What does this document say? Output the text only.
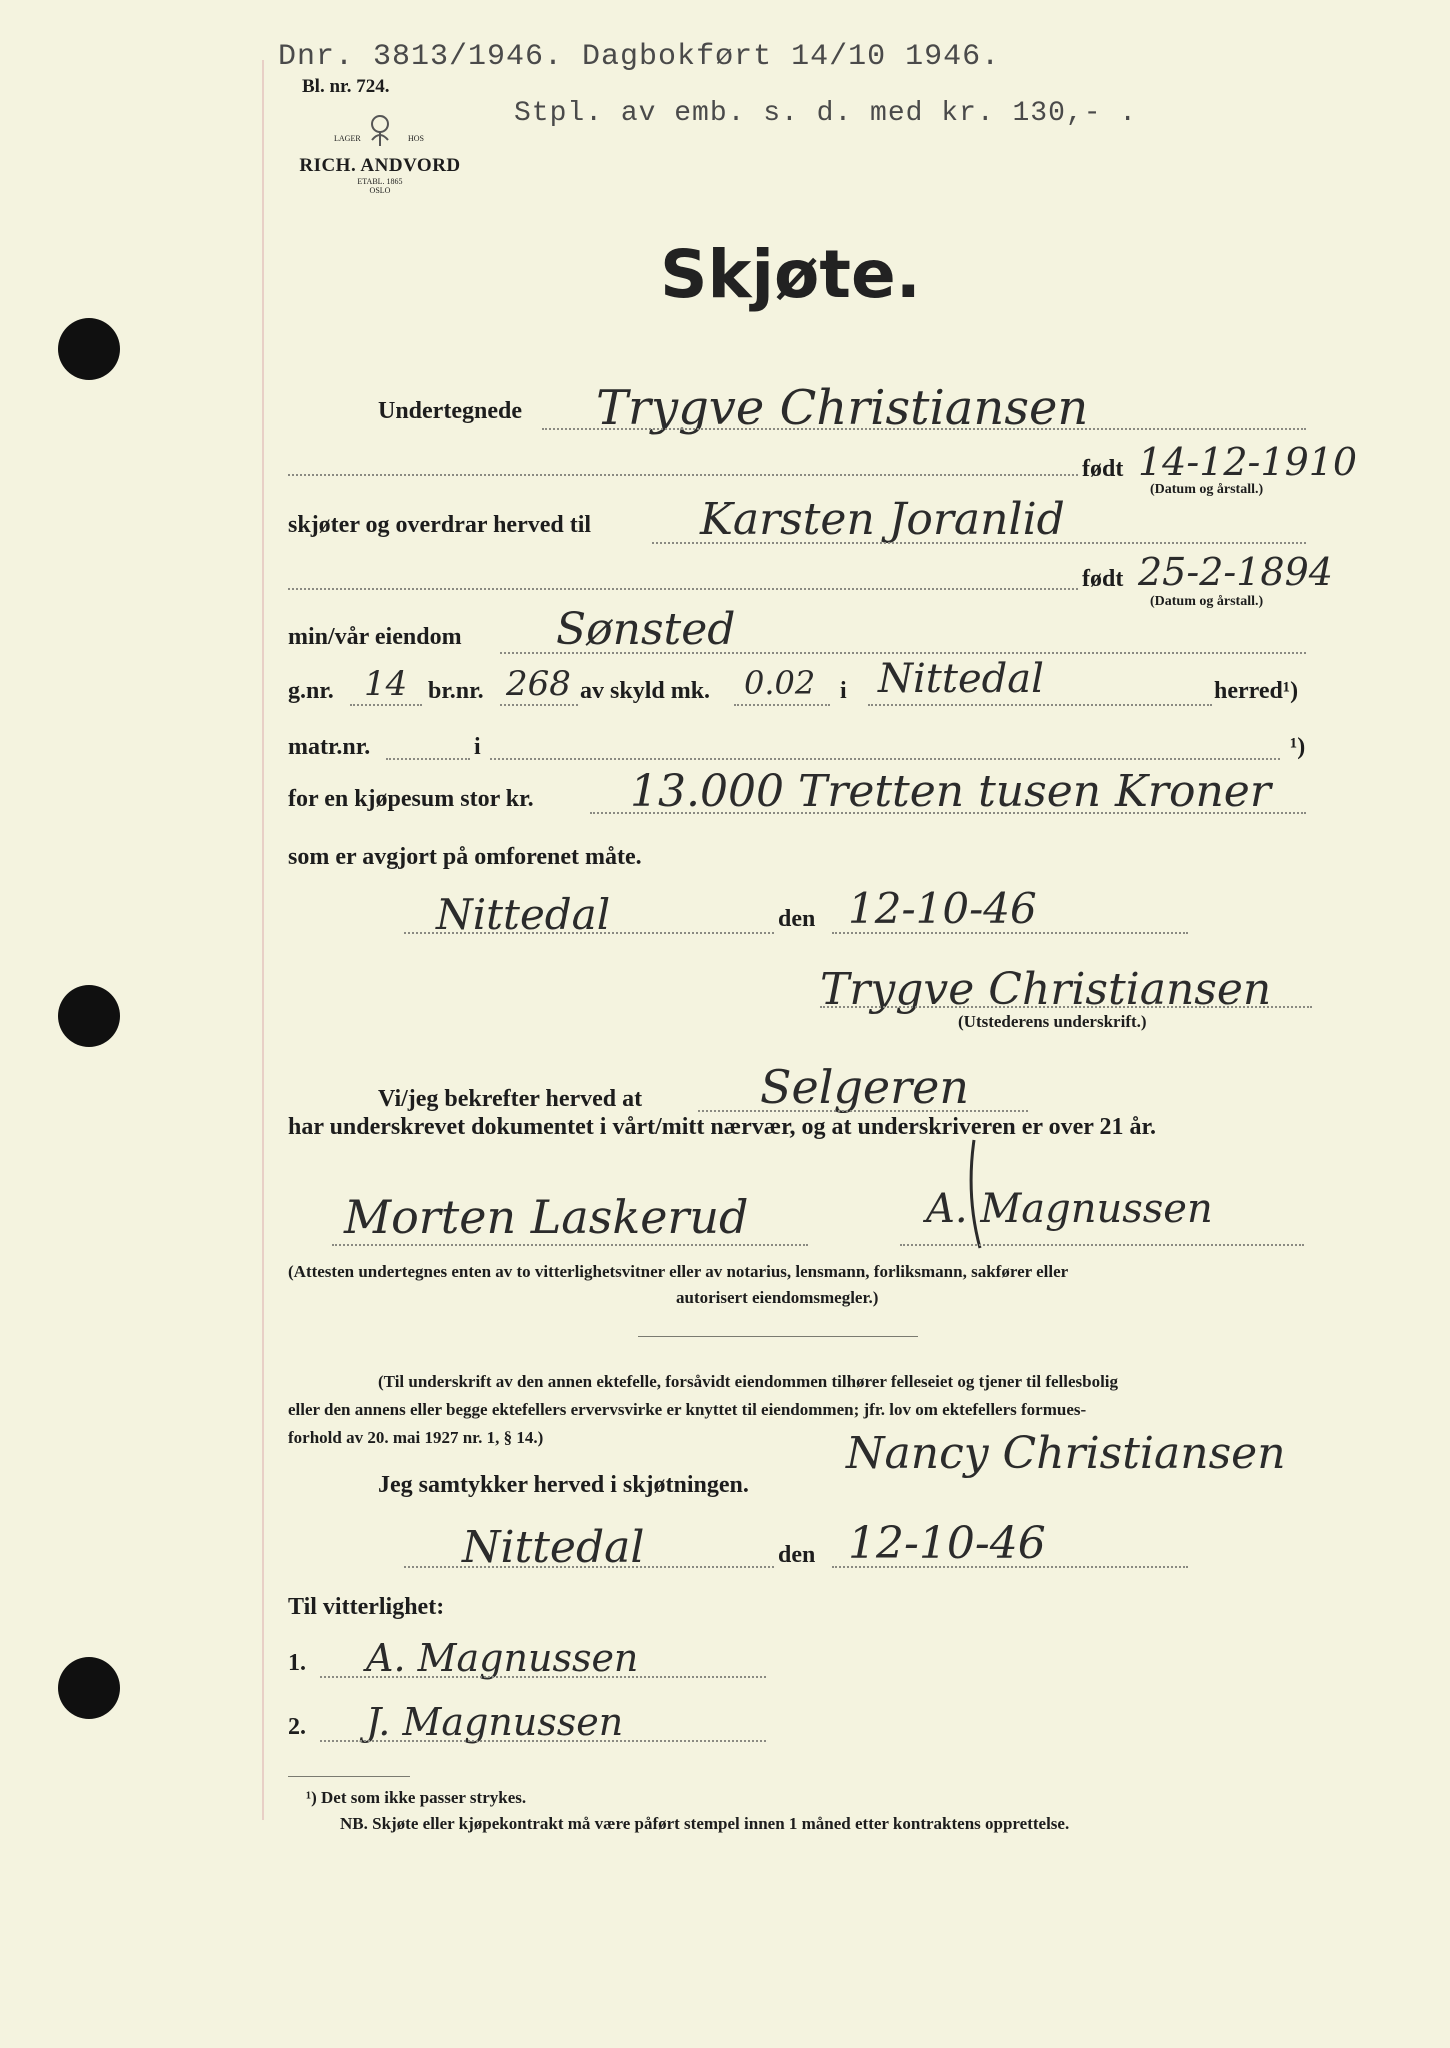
Dnr. 3813/1946. Dagbokført 14/10 1946.
Stpl. av emb. s. d. med kr. 130,- .
Bl. nr. 724.
LAGER	HOS
RICH. ANDVORD
ETABL. 1865
OSLO
Skjøte.
Undertegnede Trygve Christiansen
født 14-12-1910
(Datum og årstall.)
skjøter og overdrar herved til Karsten Joranlid
født 25-2-1894
(Datum og årstall.)
min/vår eiendom Sønsted
g.nr. 14 br.nr. 268 av skyld mk. 0.02 i Nittedal	herred¹)
matr.nr.	i	¹)
for en kjøpesum stor kr. 13.000 Tretten tusen Kroner
som er avgjort på omforenet måte.
Nittedal	den 12-10-46
Trygve Christiansen
(Utstederens underskrift.)
Vi/jeg bekrefter herved at	Selgeren
har underskrevet dokumentet i vårt/mitt nærvær, og at underskriveren er over 21 år.
Morten Laskerud	A. Magnussen
(Attesten undertegnes enten av to vitterlighetsvitner eller av notarius, lensmann, forliksmann, sakfører eller
autorisert eiendomsmegler.)
(Til underskrift av den annen ektefelle, forsåvidt eiendommen tilhører felleseiet og tjener til fellesbolig
eller den annens eller begge ektefellers ervervsvirke er knyttet til eiendommen; jfr. lov om ektefellers formues-
forhold av 20. mai 1927 nr. 1, § 14.)	Nancy Christiansen
Jeg samtykker herved i skjøtningen.
Nittedal	den 12-10-46
Til vitterlighet:
1. A. Magnussen
2. J. Magnussen
¹) Det som ikke passer strykes.
NB. Skjøte eller kjøpekontrakt må være påført stempel innen 1 måned etter kontraktens opprettelse.
